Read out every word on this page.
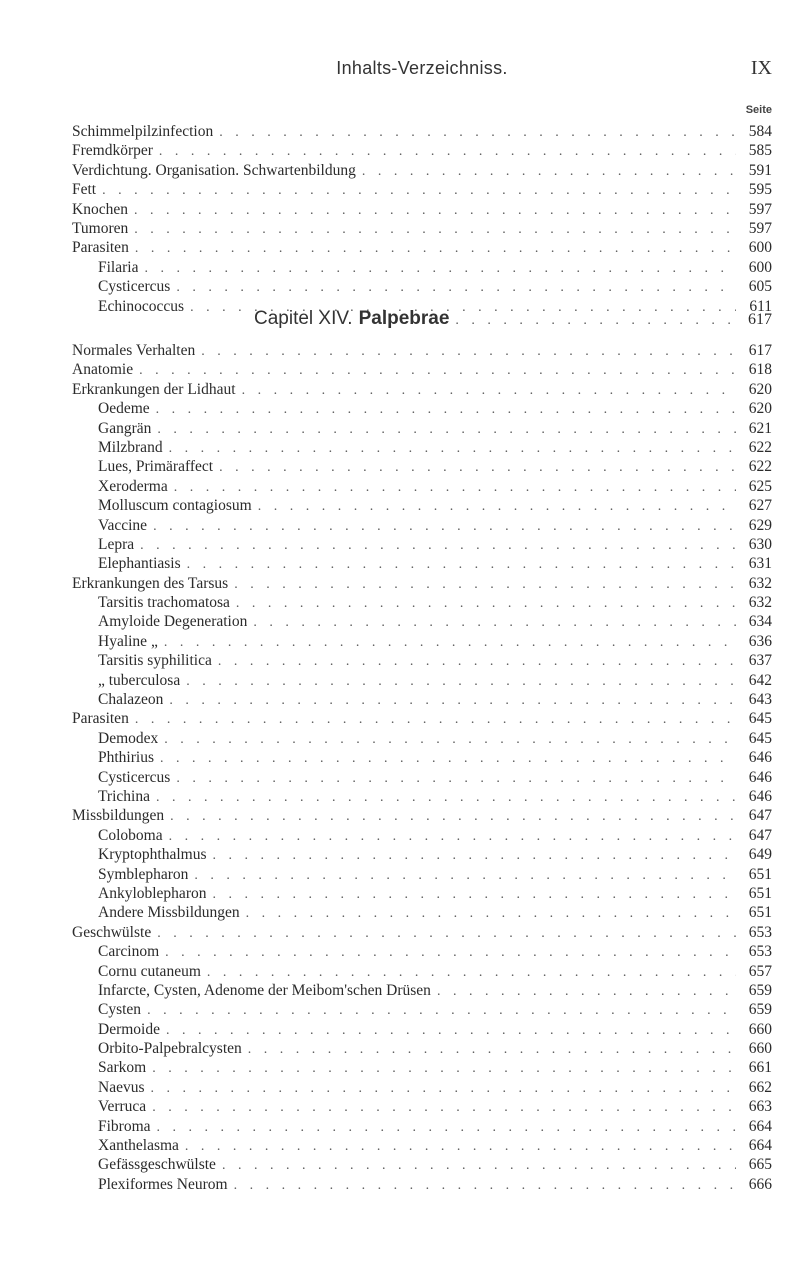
Inhalts-Verzeichniss.	IX
Seite
Schimmelpilzinfection . . .	584
Fremdkörper . . .	585
Verdichtung. Organisation. Schwartenbildung . . .	591
Fett . . .	595
Knochen . . .	597
Tumoren . . .	597
Parasiten . . .	600
Filaria . . .	600
Cysticercus . . .	605
Echinococcus . . .	611
Capitel XIV. Palpebrae . . .	617
Normales Verhalten . . .	617
Anatomie . . .	618
Erkrankungen der Lidhaut . . .	620
Oedeme . . .	620
Gangrän . . .	621
Milzbrand . . .	622
Lues, Primäraffect . . .	622
Xeroderma . . .	625
Molluscum contagiosum . . .	627
Vaccine . . .	629
Lepra . . .	630
Elephantiasis . . .	631
Erkrankungen des Tarsus . . .	632
Tarsitis trachomatosa . . .	632
Amyloide Degeneration . . .	634
Hyaline „ . . .	636
Tarsitis syphilitica . . .	637
„ tuberculosa . . .	642
Chalazeon . . .	643
Parasiten . . .	645
Demodex . . .	645
Phthirius . . .	646
Cysticercus . . .	646
Trichina . . .	646
Missbildungen . . .	647
Coloboma . . .	647
Kryptophthalmus . . .	649
Symblepharon . . .	651
Ankyloblepharon . . .	651
Andere Missbildungen . . .	651
Geschwülste . . .	653
Carcinom . . .	653
Cornu cutaneum . . .	657
Infarcte, Cysten, Adenome der Meibom'schen Drüsen . . .	659
Cysten . . .	659
Dermoide . . .	660
Orbito-Palpebralcysten . . .	660
Sarkom . . .	661
Naevus . . .	662
Verruca . . .	663
Fibroma . . .	664
Xanthelasma . . .	664
Gefässgeschwülste . . .	665
Plexiformes Neurom . . .	666
